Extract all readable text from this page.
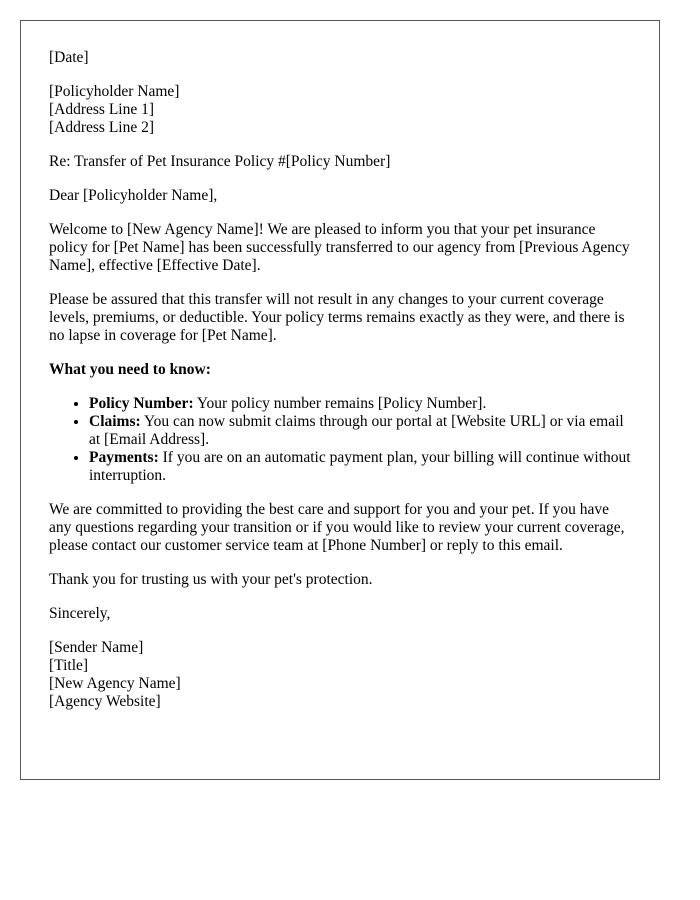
[Date]

[Policyholder Name]
[Address Line 1]
[Address Line 2]

Re: Transfer of Pet Insurance Policy #[Policy Number]

Dear [Policyholder Name],

Welcome to [New Agency Name]! We are pleased to inform you that your pet insurance policy for [Pet Name] has been successfully transferred to our agency from [Previous Agency Name], effective [Effective Date].

Please be assured that this transfer will not result in any changes to your current coverage levels, premiums, or deductible. Your policy terms remains exactly as they were, and there is no lapse in coverage for [Pet Name].

What you need to know:

• Policy Number: Your policy number remains [Policy Number].
• Claims: You can now submit claims through our portal at [Website URL] or via email at [Email Address].
• Payments: If you are on an automatic payment plan, your billing will continue without interruption.

We are committed to providing the best care and support for you and your pet. If you have any questions regarding your transition or if you would like to review your current coverage, please contact our customer service team at [Phone Number] or reply to this email.

Thank you for trusting us with your pet's protection.

Sincerely,

[Sender Name]
[Title]
[New Agency Name]
[Agency Website]
